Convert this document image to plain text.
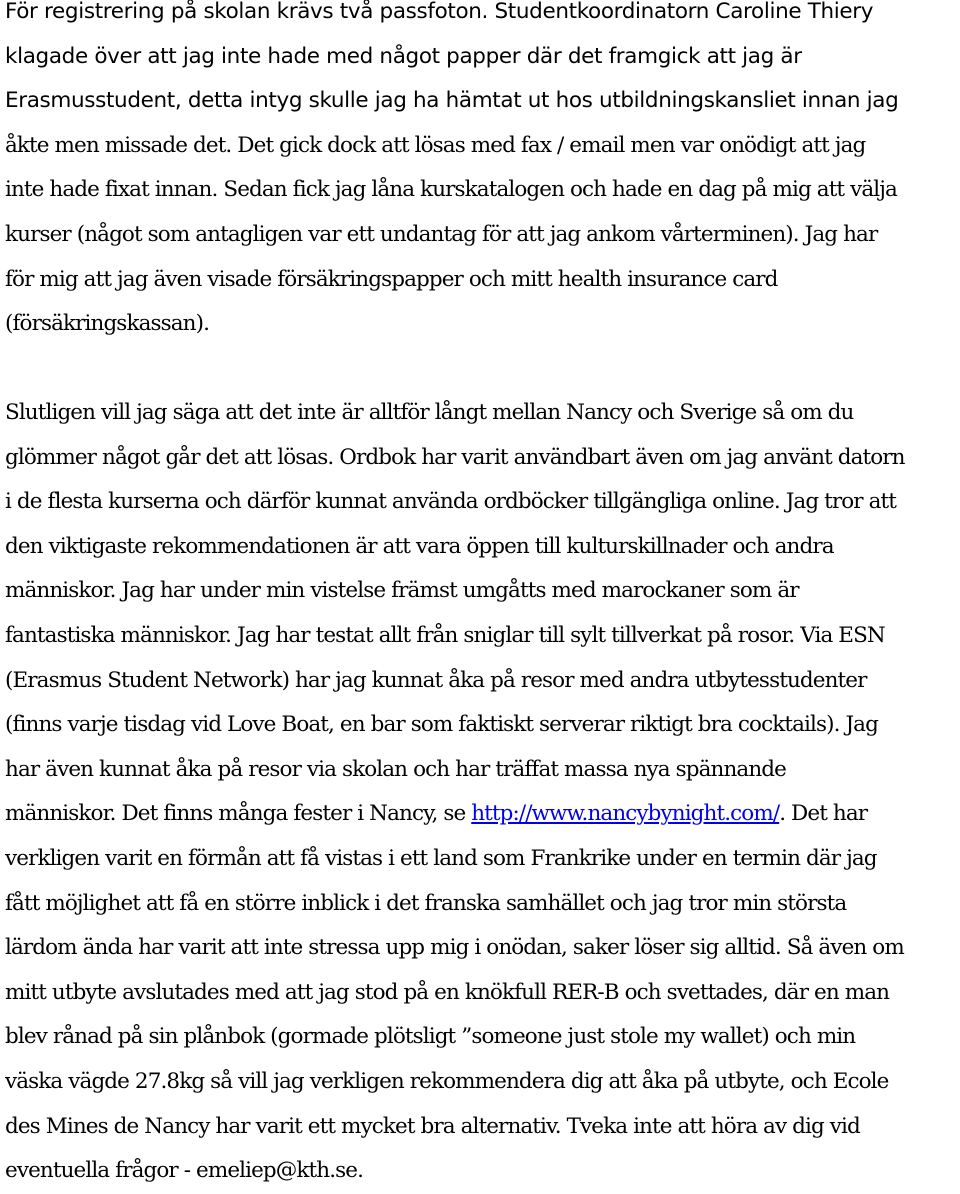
För registrering på skolan krävs två passfoton. Studentkoordinatorn Caroline Thiery
klagade över att jag inte hade med något papper där det framgick att jag är
Erasmusstudent, detta intyg skulle jag ha hämtat ut hos utbildningskansliet innan jag
åkte men missade det. Det gick dock att lösas med fax / email men var onödigt att jag
inte hade fixat innan. Sedan fick jag låna kurskatalogen och hade en dag på mig att välja
kurser (något som antagligen var ett undantag för att jag ankom vårterminen). Jag har
för mig att jag även visade försäkringspapper och mitt health insurance card
(försäkringskassan).
Slutligen vill jag säga att det inte är alltför långt mellan Nancy och Sverige så om du
glömmer något går det att lösas. Ordbok har varit användbart även om jag använt datorn
i de flesta kurserna och därför kunnat använda ordböcker tillgängliga online. Jag tror att
den viktigaste rekommendationen är att vara öppen till kulturskillnader och andra
människor. Jag har under min vistelse främst umgåtts med marockaner som är
fantastiska människor. Jag har testat allt från sniglar till sylt tillverkat på rosor. Via ESN
(Erasmus Student Network) har jag kunnat åka på resor med andra utbytesstudenter
(finns varje tisdag vid Love Boat, en bar som faktiskt serverar riktigt bra cocktails). Jag
har även kunnat åka på resor via skolan och har träffat massa nya spännande
människor. Det finns många fester i Nancy, se http://www.nancybynight.com/. Det har
verkligen varit en förmån att få vistas i ett land som Frankrike under en termin där jag
fått möjlighet att få en större inblick i det franska samhället och jag tror min största
lärdom ända har varit att inte stressa upp mig i onödan, saker löser sig alltid. Så även om
mitt utbyte avslutades med att jag stod på en knökfull RER-B och svettades, där en man
blev rånad på sin plånbok (gormade plötsligt ”someone just stole my wallet) och min
väska vägde 27.8kg så vill jag verkligen rekommendera dig att åka på utbyte, och Ecole
des Mines de Nancy har varit ett mycket bra alternativ. Tveka inte att höra av dig vid
eventuella frågor - emeliep@kth.se.
